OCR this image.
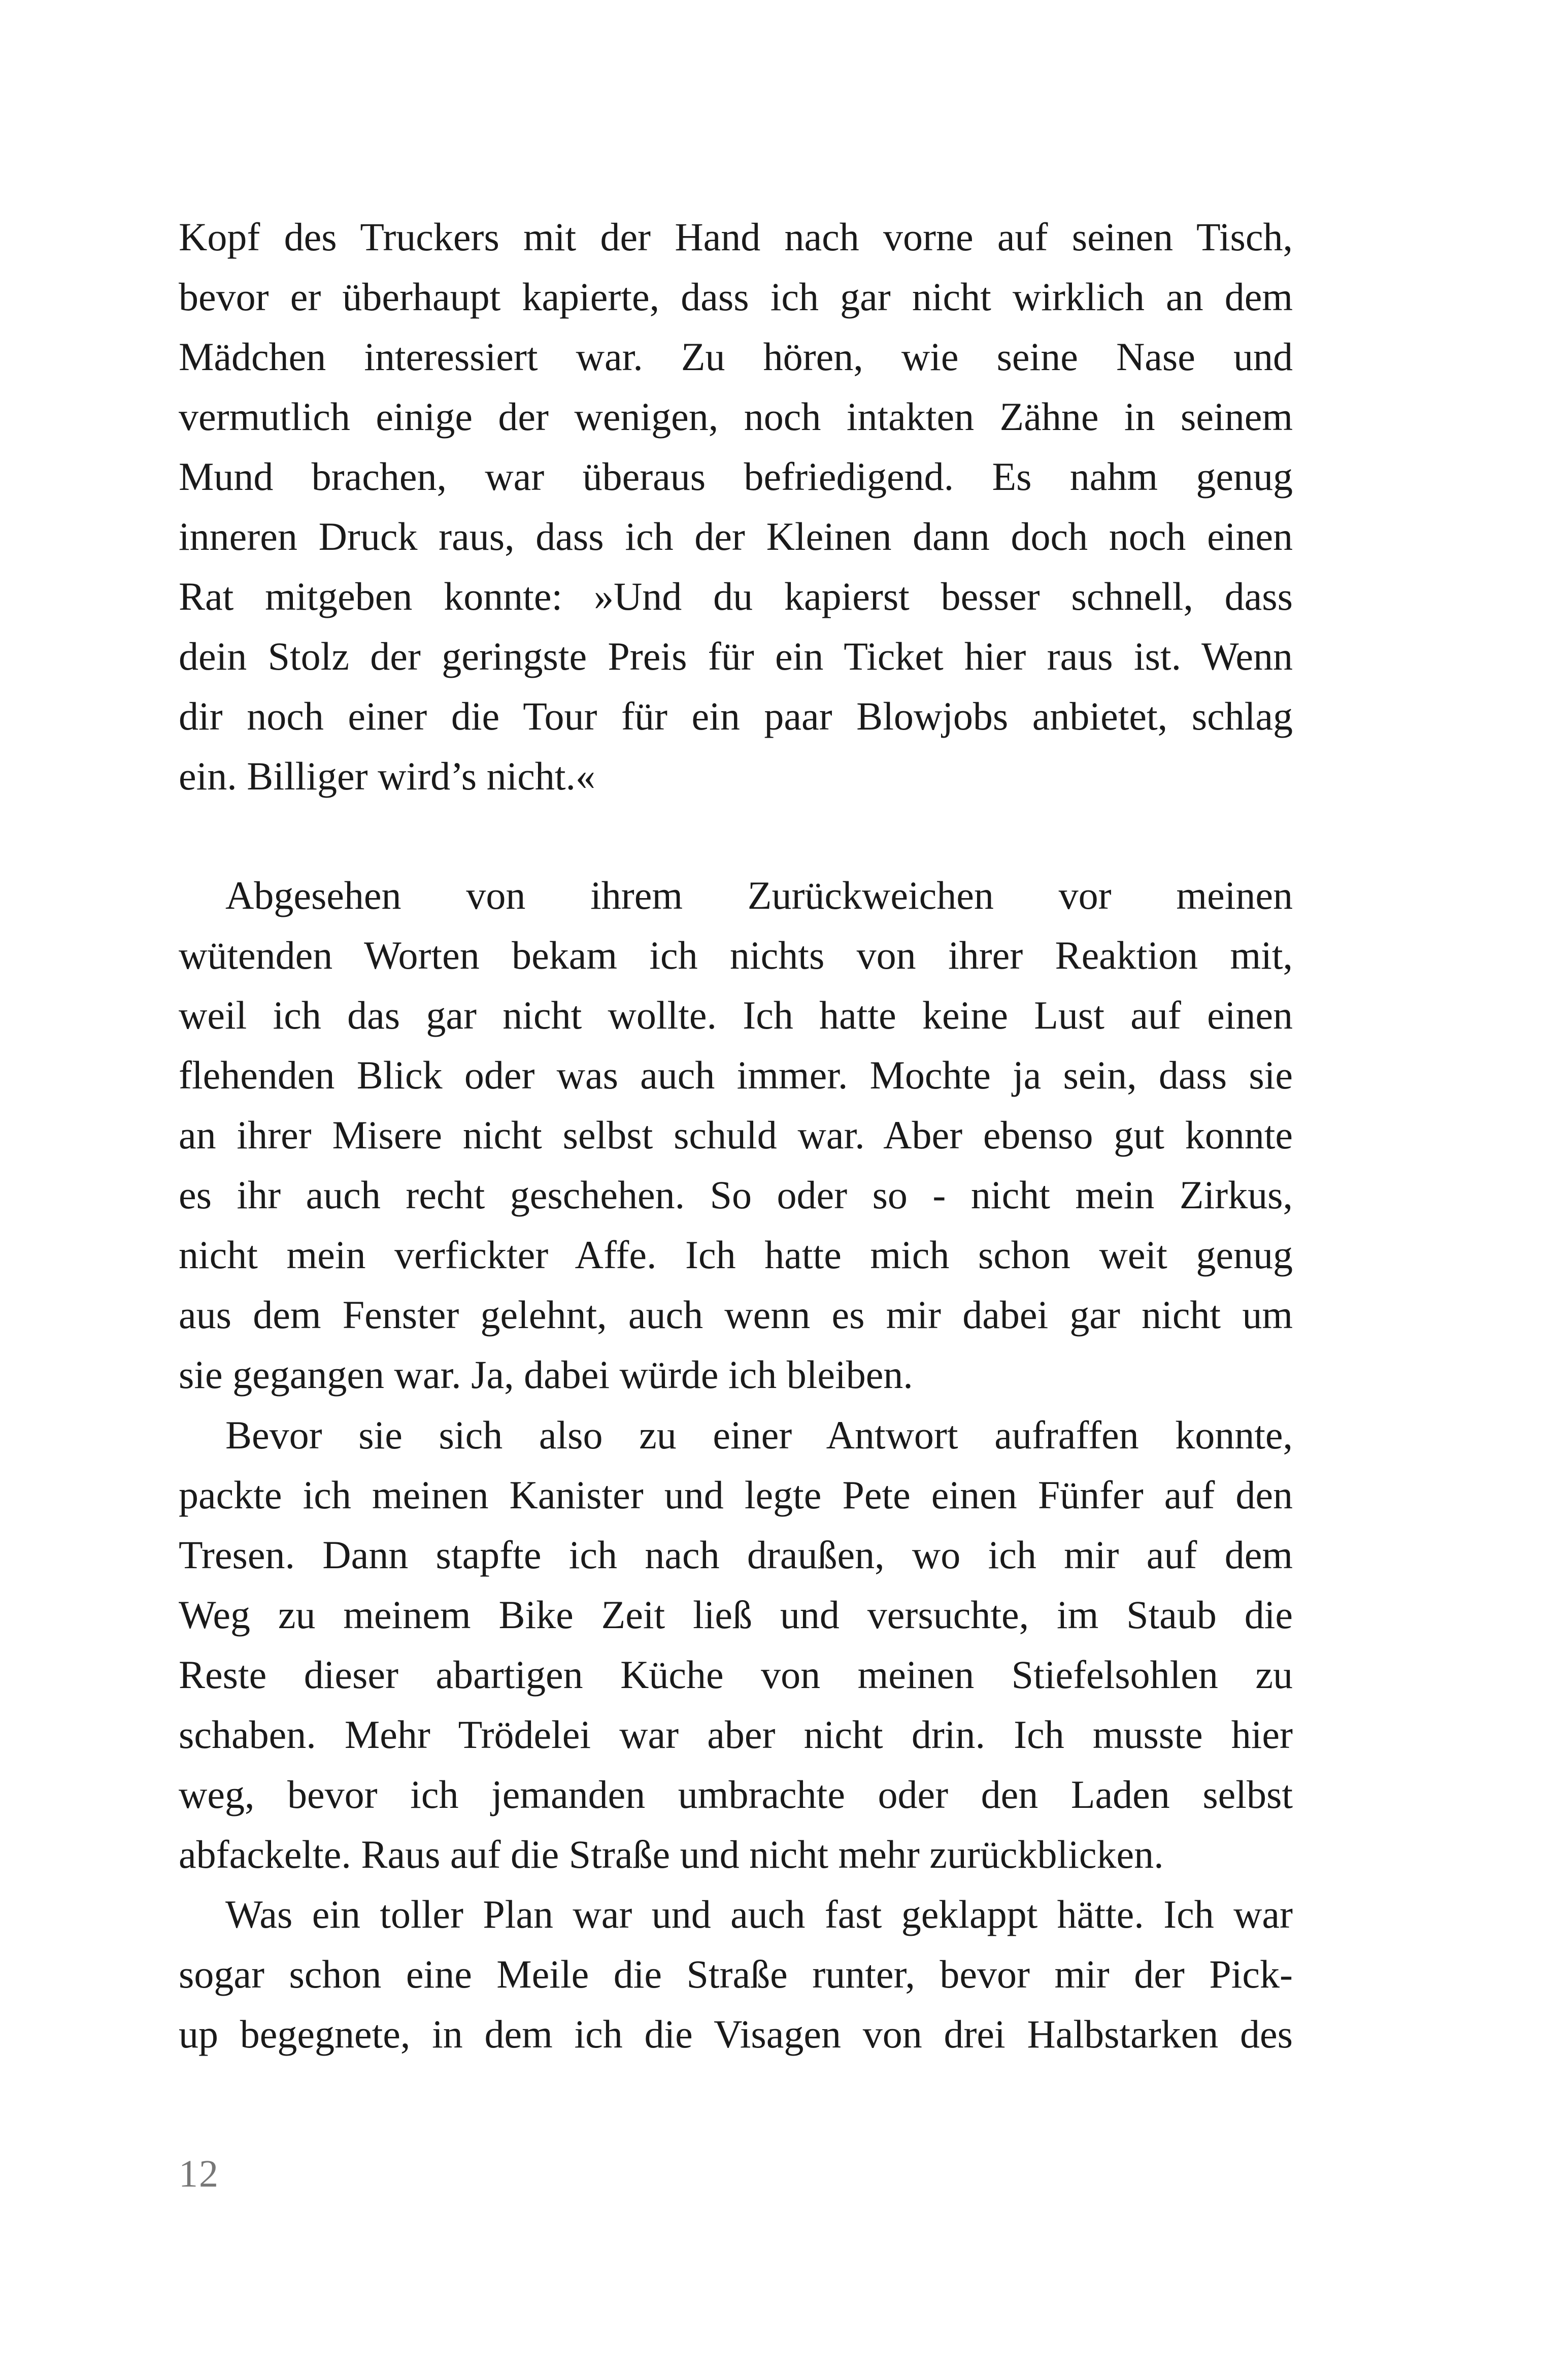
Kopf des Truckers mit der Hand nach vorne auf seinen Tisch,
bevor er überhaupt kapierte, dass ich gar nicht wirklich an dem
Mädchen interessiert war. Zu hören, wie seine Nase und
vermutlich einige der wenigen, noch intakten Zähne in seinem
Mund brachen, war überaus befriedigend. Es nahm genug
inneren Druck raus, dass ich der Kleinen dann doch noch einen
Rat mitgeben konnte: »Und du kapierst besser schnell, dass
dein Stolz der geringste Preis für ein Ticket hier raus ist. Wenn
dir noch einer die Tour für ein paar Blowjobs anbietet, schlag
ein. Billiger wird’s nicht.«
Abgesehen von ihrem Zurückweichen vor meinen
wütenden Worten bekam ich nichts von ihrer Reaktion mit,
weil ich das gar nicht wollte. Ich hatte keine Lust auf einen
flehenden Blick oder was auch immer. Mochte ja sein, dass sie
an ihrer Misere nicht selbst schuld war. Aber ebenso gut konnte
es ihr auch recht geschehen. So oder so - nicht mein Zirkus,
nicht mein verfickter Affe. Ich hatte mich schon weit genug
aus dem Fenster gelehnt, auch wenn es mir dabei gar nicht um
sie gegangen war. Ja, dabei würde ich bleiben.
Bevor sie sich also zu einer Antwort aufraffen konnte,
packte ich meinen Kanister und legte Pete einen Fünfer auf den
Tresen. Dann stapfte ich nach draußen, wo ich mir auf dem
Weg zu meinem Bike Zeit ließ und versuchte, im Staub die
Reste dieser abartigen Küche von meinen Stiefelsohlen zu
schaben. Mehr Trödelei war aber nicht drin. Ich musste hier
weg, bevor ich jemanden umbrachte oder den Laden selbst
abfackelte. Raus auf die Straße und nicht mehr zurückblicken.
Was ein toller Plan war und auch fast geklappt hätte. Ich war
sogar schon eine Meile die Straße runter, bevor mir der Pick-
up begegnete, in dem ich die Visagen von drei Halbstarken des
12
